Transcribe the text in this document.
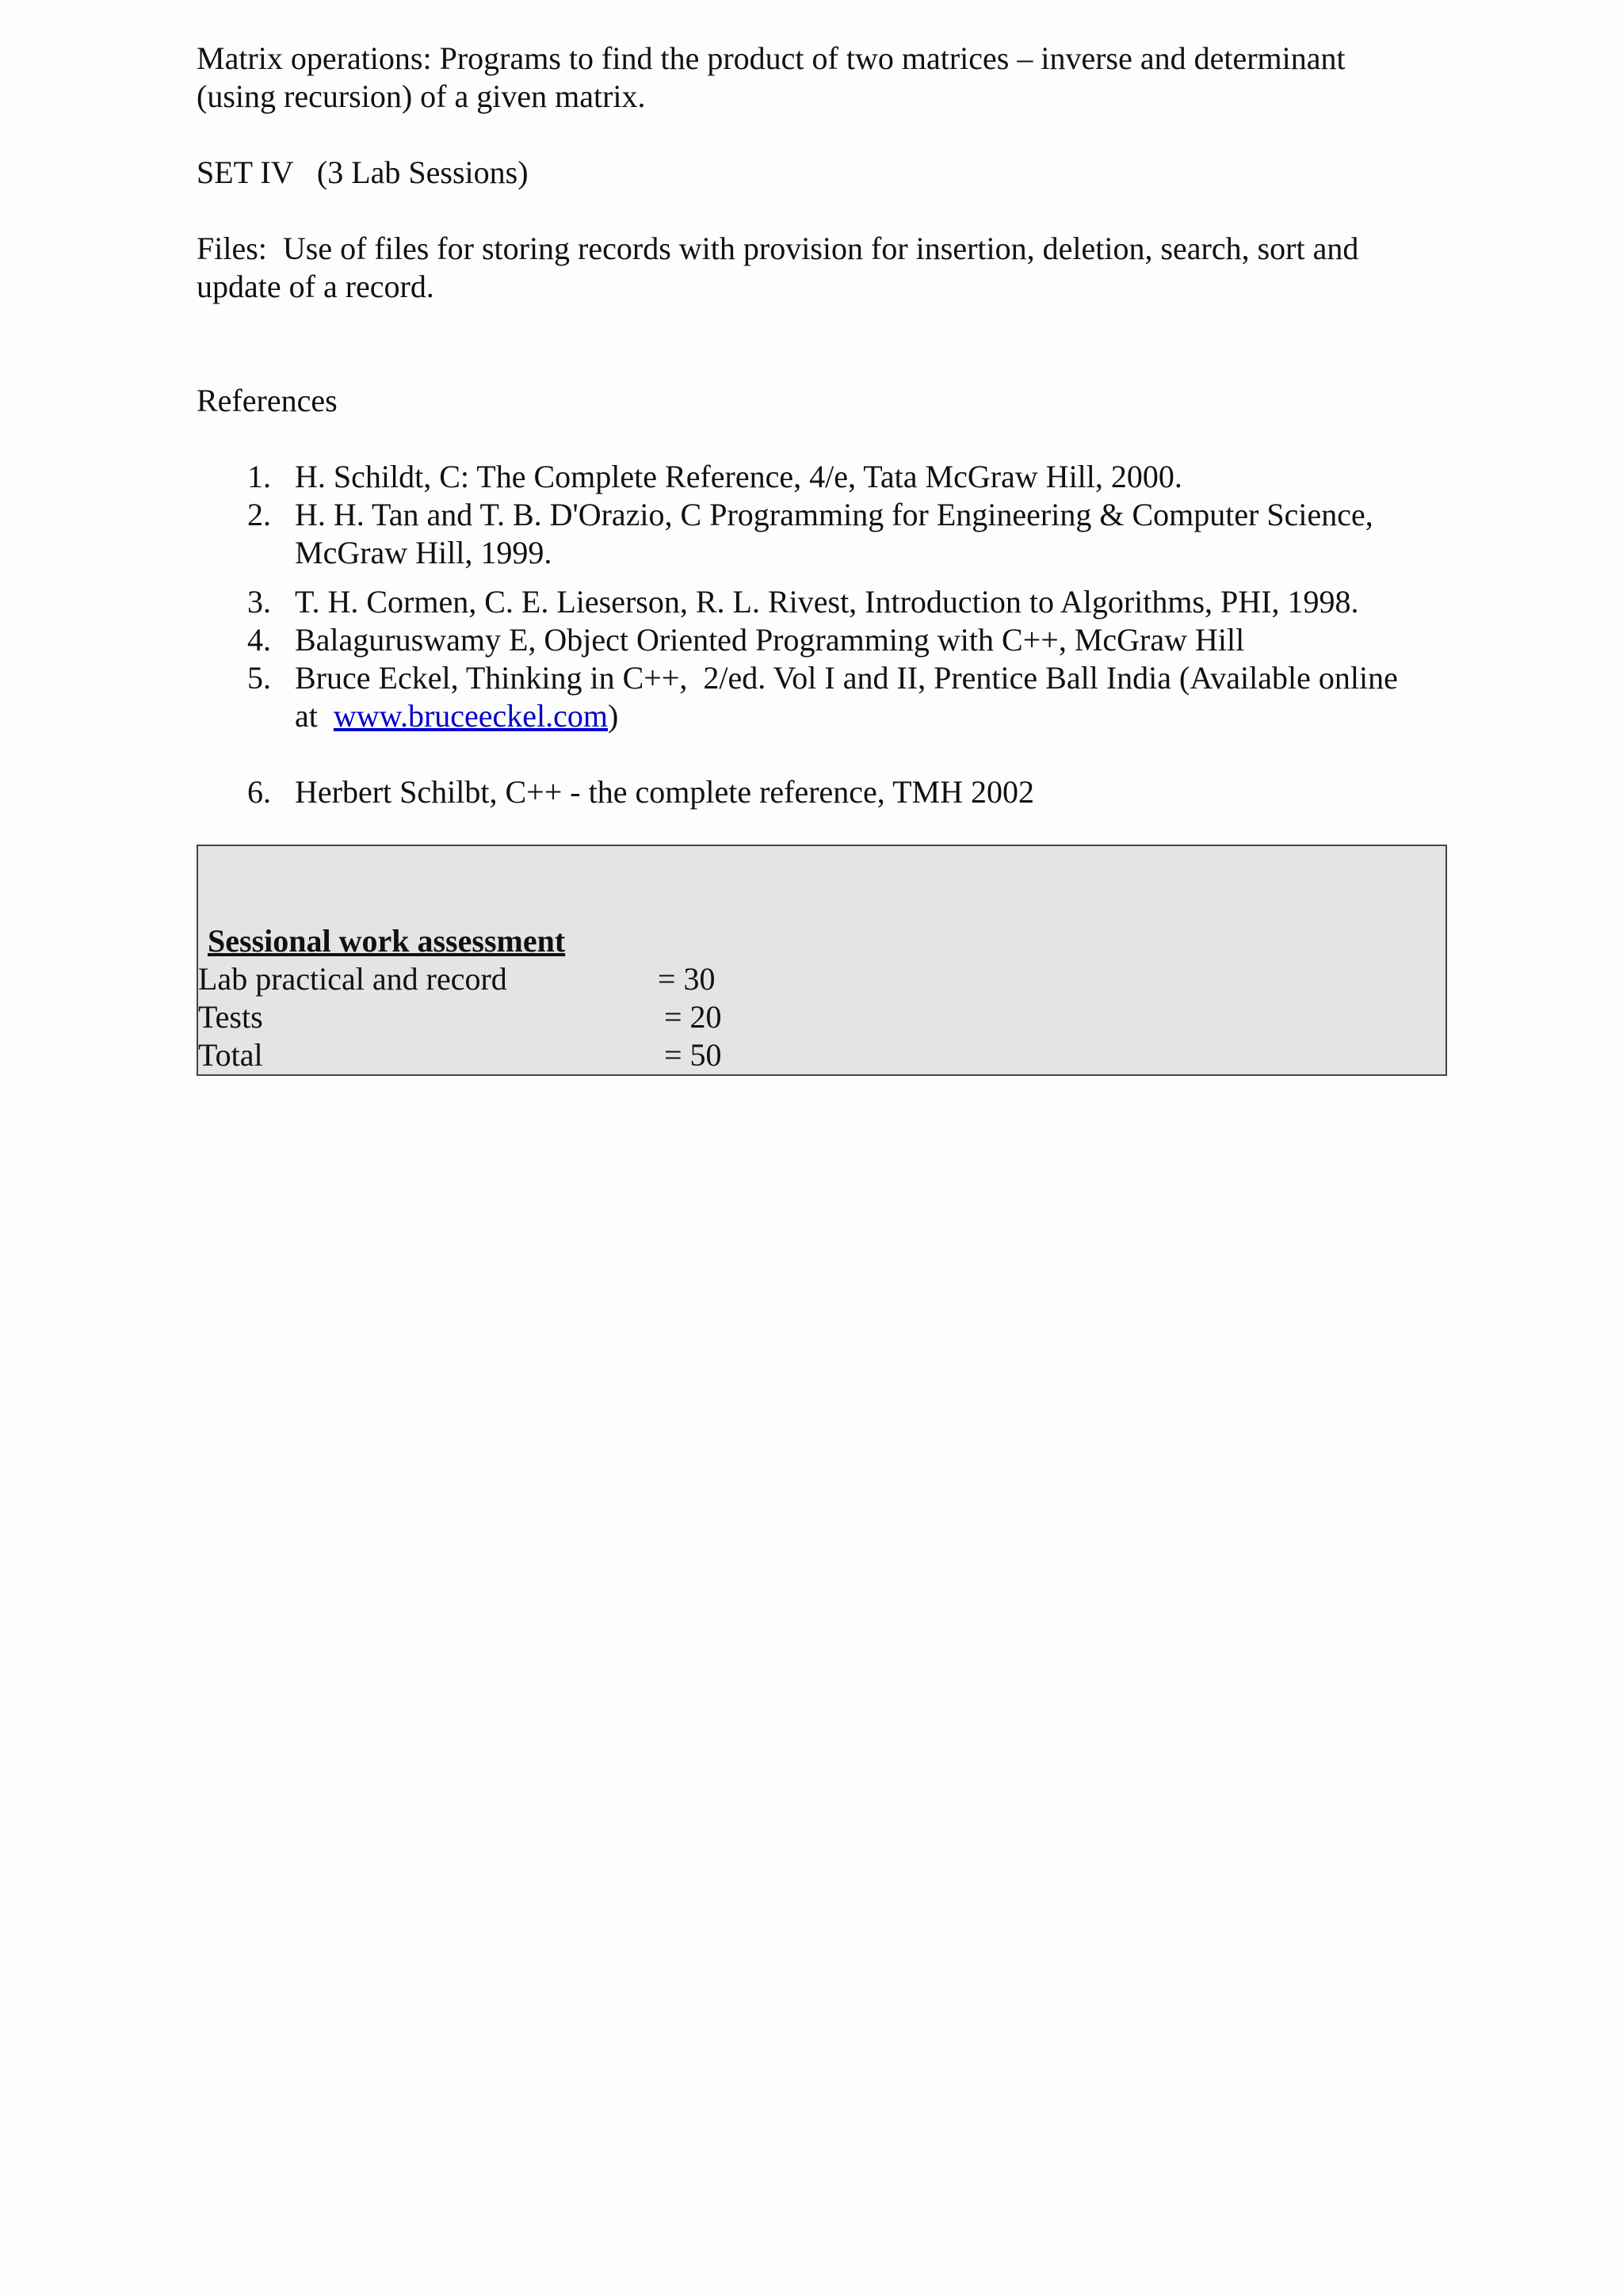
Matrix operations: Programs to find the product of two matrices – inverse and determinant
(using recursion) of a given matrix.
SET IV   (3 Lab Sessions)
Files:  Use of files for storing records with provision for insertion, deletion, search, sort and
update of a record.
References
1. H. Schildt, C: The Complete Reference, 4/e, Tata McGraw Hill, 2000.
2. H. H. Tan and T. B. D'Orazio, C Programming for Engineering & Computer Science,
McGraw Hill, 1999.
3. T. H. Cormen, C. E. Lieserson, R. L. Rivest, Introduction to Algorithms, PHI, 1998.
4. Balaguruswamy E, Object Oriented Programming with C++, McGraw Hill
5. Bruce Eckel, Thinking in C++,  2/ed. Vol I and II, Prentice Ball India (Available online
at  www.bruceeckel.com)
6. Herbert Schilbt, C++ - the complete reference, TMH 2002
Sessional work assessment
Lab practical and record	= 30
Tests	= 20
Total	= 50
